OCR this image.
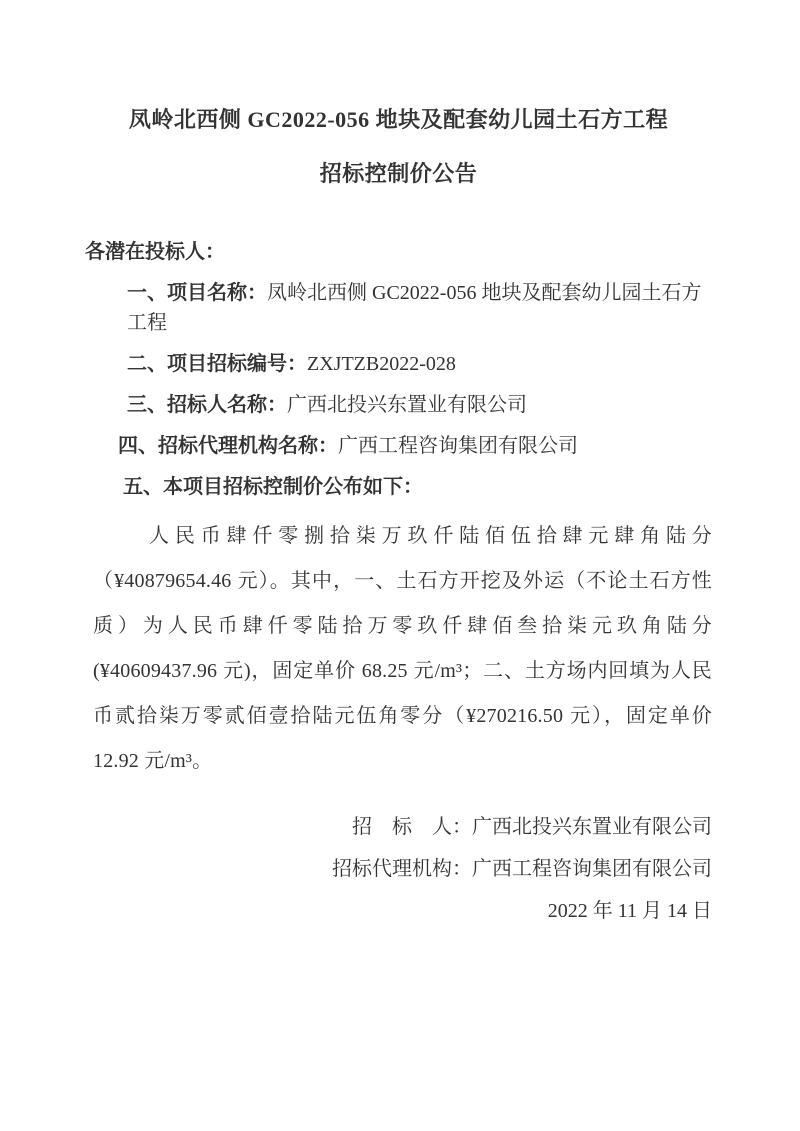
凤岭北西侧 GC2022-056 地块及配套幼儿园土石方工程

招标控制价公告

各潜在投标人：

一、项目名称：凤岭北西侧 GC2022-056 地块及配套幼儿园土石方工程

二、项目招标编号：ZXJTZB2022-028

三、招标人名称：广西北投兴东置业有限公司

四、招标代理机构名称：广西工程咨询集团有限公司

五、本项目招标控制价公布如下：

人民币肆仟零捌拾柒万玖仟陆佰伍拾肆元肆角陆分（¥40879654.46 元）。其中，一、土石方开挖及外运（不论土石方性质）为人民币肆仟零陆拾万零玖仟肆佰叁拾柒元玖角陆分(¥40609437.96 元)，固定单价 68.25 元/m³；二、土方场内回填为人民币贰拾柒万零贰佰壹拾陆元伍角零分（¥270216.50 元），固定单价 12.92 元/m³。

招　标　人：广西北投兴东置业有限公司

招标代理机构：广西工程咨询集团有限公司

2022 年 11 月 14 日
